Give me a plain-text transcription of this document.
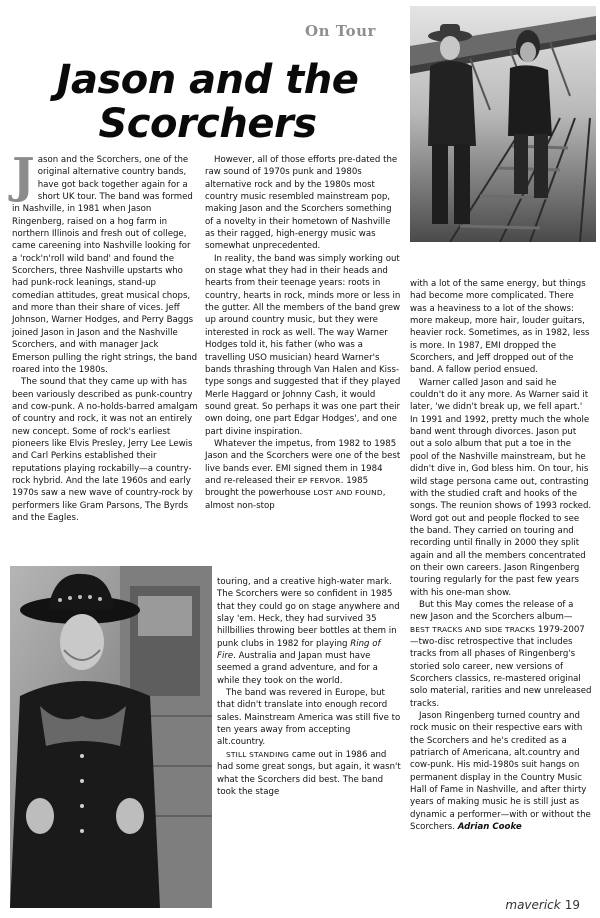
On Tour
Jason and the Scorchers

Jason and the Scorchers, one of the original alternative country bands, have got back together again for a short UK tour. The band was formed in Nashville, in 1981 when Jason Ringenberg, raised on a hog farm in northern Illinois and fresh out of college, came careening into Nashville looking for a 'rock'n'roll wild band' and found the Scorchers, three Nashville upstarts who had punk-rock leanings, stand-up comedian attitudes, great musical chops, and more than their share of vices. Jeff Johnson, Warner Hodges, and Perry Baggs joined Jason in Jason and the Nashville Scorchers, and with manager Jack Emerson pulling the right strings, the band roared into the 1980s.

The sound that they came up with has been variously described as punk-country and cow-punk. A no-holds-barred amalgam of country and rock, it was not an entirely new concept. Some of rock's earliest pioneers like Elvis Presley, Jerry Lee Lewis and Carl Perkins established their reputations playing rockabilly—a country-rock hybrid. And the late 1960s and early 1970s saw a new wave of country-rock by performers like Gram Parsons, The Byrds and the Eagles.

However, all of those efforts pre-dated the raw sound of 1970s punk and 1980s alternative rock and by the 1980s most country music resembled mainstream pop, making Jason and the Scorchers something of a novelty in their hometown of Nashville as their ragged, high-energy music was somewhat unprecedented.

In reality, the band was simply working out on stage what they had in their heads and hearts from their teenage years: roots in country, hearts in rock, minds more or less in the gutter. All the members of the band grew up around country music, but they were interested in rock as well. The way Warner Hodges told it, his father (who was a travelling USO musician) heard Warner's bands thrashing through Van Halen and Kiss-type songs and suggested that if they played Merle Haggard or Johnny Cash, it would sound great. So perhaps it was one part their own doing, one part Edgar Hodges', and one part divine inspiration.

Whatever the impetus, from 1982 to 1985 Jason and the Scorchers were one of the best live bands ever. EMI signed them in 1984 and re-released their EP FERVOR. 1985 brought the powerhouse LOST AND FOUND, almost non-stop

touring, and a creative high-water mark. The Scorchers were so confident in 1985 that they could go on stage anywhere and slay 'em. Heck, they had survived 35 hillbillies throwing beer bottles at them in punk clubs in 1982 for playing Ring of Fire. Australia and Japan must have seemed a grand adventure, and for a while they took on the world.

The band was revered in Europe, but that didn't translate into enough record sales. Mainstream America was still five to ten years away from accepting alt.country.

STILL STANDING came out in 1986 and had some great songs, but again, it wasn't what the Scorchers did best. The band took the stage

with a lot of the same energy, but things had become more complicated. There was a heaviness to a lot of the shows: more makeup, more hair, louder guitars, heavier rock. Sometimes, as in 1982, less is more. In 1987, EMI dropped the Scorchers, and Jeff dropped out of the band. A fallow period ensued.

Warner called Jason and said he couldn't do it any more. As Warner said it later, 'we didn't break up, we fell apart.' In 1991 and 1992, pretty much the whole band went through divorces. Jason put out a solo album that put a toe in the pool of the Nashville mainstream, but he didn't dive in, God bless him. On tour, his wild stage persona came out, contrasting with the studied craft and hooks of the songs. The reunion shows of 1993 rocked. Word got out and people flocked to see the band. They carried on touring and recording until finally in 2000 they split again and all the members concentrated on their own careers. Jason Ringenberg touring regularly for the past few years with his one-man show.

But this May comes the release of a new Jason and the Scorchers album—BEST TRACKS AND SIDE TRACKS 1979-2007—two-disc retrospective that includes tracks from all phases of Ringenberg's storied solo career, new versions of Scorchers classics, re-mastered original solo material, rarities and new unreleased tracks.

Jason Ringenberg turned country and rock music on their respective ears with the Scorchers and he's credited as a patriarch of Americana, alt.country and cow-punk. His mid-1980s suit hangs on permanent display in the Country Music Hall of Fame in Nashville, and after thirty years of making music he is still just as dynamic a performer—with or without the Scorchers. Adrian Cooke

maverick 19
